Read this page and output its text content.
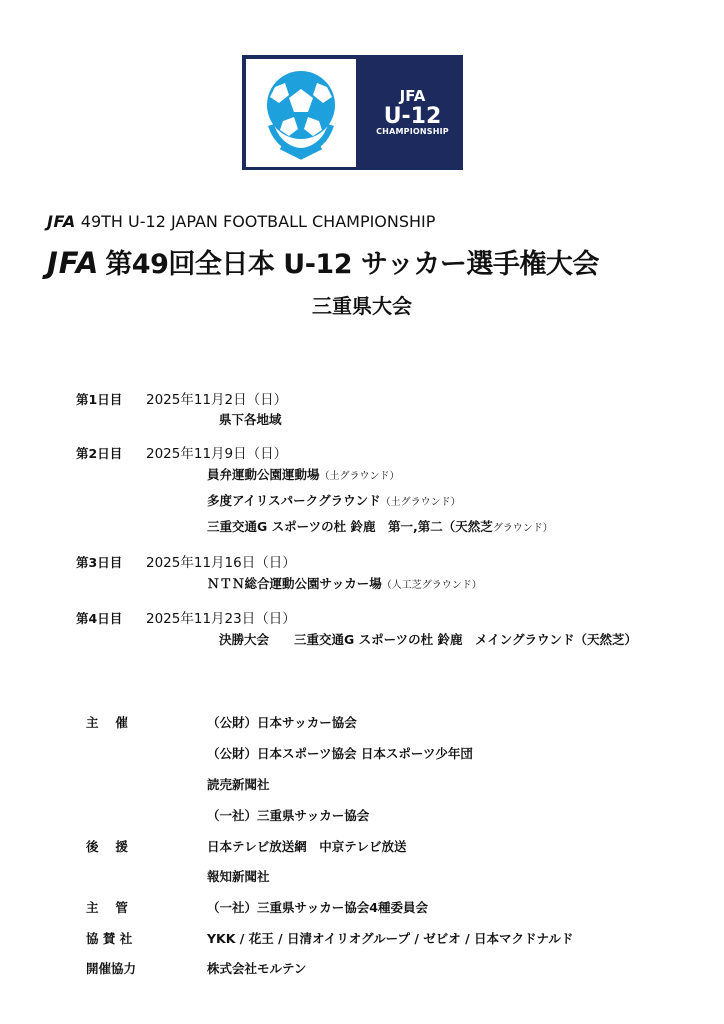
JFA
U-12
CHAMPIONSHIP
JFA 49TH U-12 JAPAN FOOTBALL CHAMPIONSHIP
JFA 第49回全日本 U-12 サッカー選手権大会
三重県大会
第1日目 2025年11月2日（日）
県下各地域
第2日目 2025年11月9日（日）
員弁運動公園運動場（土グラウンド）
多度アイリスパークグラウンド（土グラウンド）
三重交通G スポーツの杜 鈴鹿　第一,第二（天然芝グラウンド）
第3日目 2025年11月16日（日）
ＮＴＮ総合運動公園サッカー場（人工芝グラウンド）
第4日目 2025年11月23日（日）
決勝大会　　三重交通G スポーツの杜 鈴鹿　メイングラウンド（天然芝）
主　 催	（公財）日本サッカー協会
（公財）日本スポーツ協会 日本スポーツ少年団
読売新聞社
（一社）三重県サッカー協会
後　 援	日本テレビ放送網　中京テレビ放送
報知新聞社
主　 管	（一社）三重県サッカー協会4種委員会
協 賛 社	YKK / 花王 / 日清オイリオグループ / ゼビオ / 日本マクドナルド
開催協力	株式会社モルテン
